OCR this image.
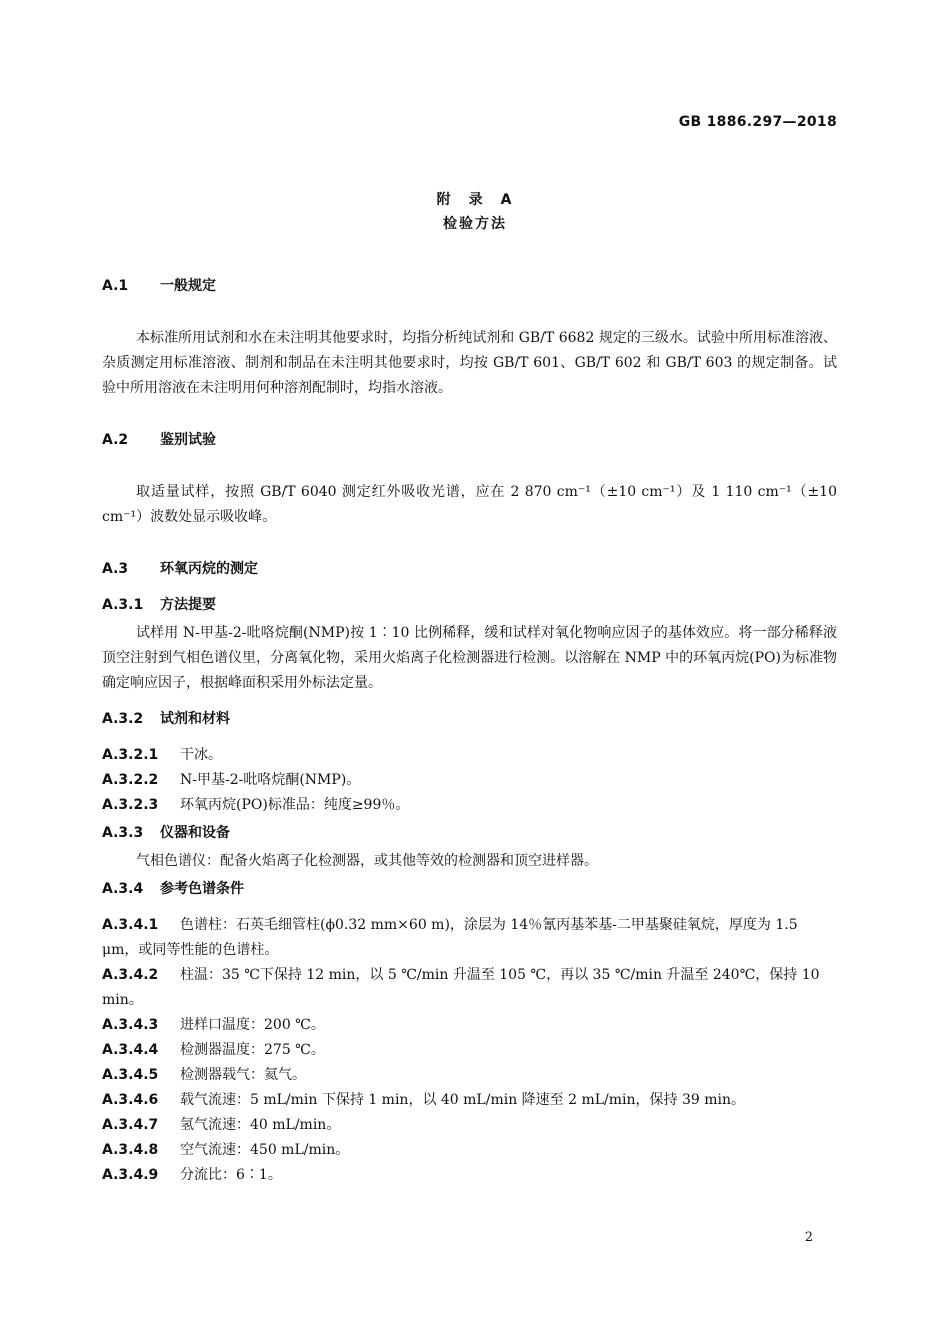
GB 1886.297—2018
附　录　A
检验方法
A.1 一般规定

本标准所用试剂和水在未注明其他要求时，均指分析纯试剂和 GB/T 6682 规定的三级水。试验中所用标准溶液、杂质测定用标准溶液、制剂和制品在未注明其他要求时，均按 GB/T 601、GB/T 602 和 GB/T 603 的规定制备。试验中所用溶液在未注明用何种溶剂配制时，均指水溶液。

A.2 鉴别试验

取适量试样，按照 GB/T 6040 测定红外吸收光谱，应在 2 870 cm⁻¹（±10 cm⁻¹）及 1 110 cm⁻¹（±10 cm⁻¹）波数处显示吸收峰。

A.3 环氧丙烷的测定
A.3.1 方法提要

试样用 N-甲基-2-吡咯烷酮(NMP)按 1∶10 比例稀释，缓和试样对氧化物响应因子的基体效应。将一部分稀释液顶空注射到气相色谱仪里，分离氧化物，采用火焰离子化检测器进行检测。以溶解在 NMP 中的环氧丙烷(PO)为标准物确定响应因子，根据峰面积采用外标法定量。

A.3.2 试剂和材料

A.3.2.1 干冰。

A.3.2.2 N-甲基-2-吡咯烷酮(NMP)。

A.3.2.3 环氧丙烷(PO)标准品：纯度≥99％。

A.3.3 仪器和设备

气相色谱仪：配备火焰离子化检测器，或其他等效的检测器和顶空进样器。

A.3.4 参考色谱条件

A.3.4.1 色谱柱：石英毛细管柱(ϕ0.32 mm×60 m)，涂层为 14％氰丙基苯基-二甲基聚硅氧烷，厚度为 1.5 μm，或同等性能的色谱柱。

A.3.4.2 柱温：35 ℃下保持 12 min，以 5 ℃/min 升温至 105 ℃，再以 35 ℃/min 升温至 240℃，保持 10 min。

A.3.4.3 进样口温度：200 ℃。

A.3.4.4 检测器温度：275 ℃。

A.3.4.5 检测器载气：氦气。

A.3.4.6 载气流速：5 mL/min 下保持 1 min，以 40 mL/min 降速至 2 mL/min，保持 39 min。

A.3.4.7 氢气流速：40 mL/min。

A.3.4.8 空气流速：450 mL/min。

A.3.4.9 分流比：6∶1。

2
